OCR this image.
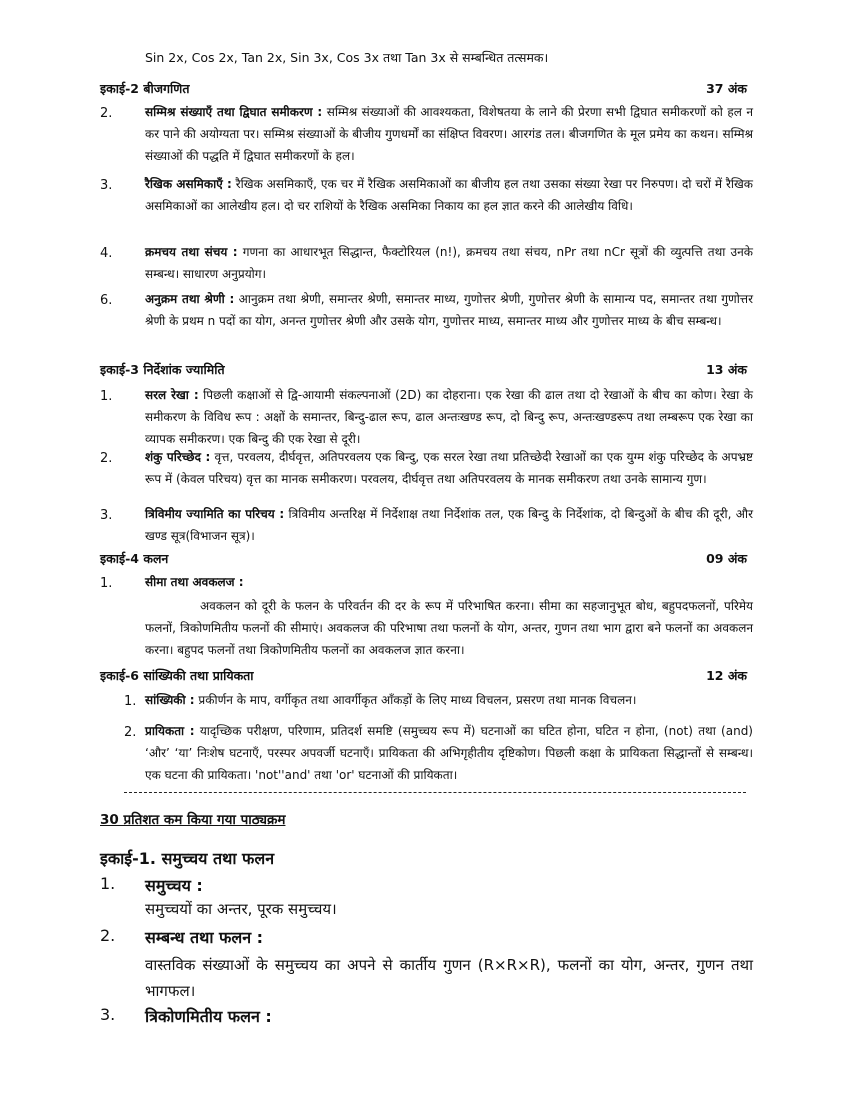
Sin 2x, Cos 2x, Tan 2x, Sin 3x, Cos 3x तथा Tan 3x से सम्बन्धित तत्समक।
इकाई-2 बीजगणित	37 अंक
2.	सम्मिश्र संख्याएँ तथा द्विघात समीकरण : सम्मिश्र संख्याओं की आवश्यकता, विशेषतया के लाने की प्रेरणा सभी द्विघात समीकरणों को हल न कर पाने की अयोग्यता पर। सम्मिश्र संख्याओं के बीजीय गुणधर्मों का संक्षिप्त विवरण। आरगंड तल। बीजगणित के मूल प्रमेय का कथन। सम्मिश्र संख्याओं की पद्धति में द्विघात समीकरणों के हल।
3.	रैखिक असमिकाएँ : रैखिक असमिकाएँ, एक चर में रैखिक असमिकाओं का बीजीय हल तथा उसका संख्या रेखा पर निरुपण। दो चरों में रैखिक असमिकाओं का आलेखीय हल। दो चर राशियों के रैखिक असमिका निकाय का हल ज्ञात करने की आलेखीय विधि।
4.	क्रमचय तथा संचय : गणना का आधारभूत सिद्धान्त, फैक्टोरियल (n!), क्रमचय तथा संचय, nPr तथा nCr सूत्रों की व्युत्पत्ति तथा उनके सम्बन्ध। साधारण अनुप्रयोग।
6.	अनुक्रम तथा श्रेणी : आनुक्रम तथा श्रेणी, समान्तर श्रेणी, समान्तर माध्य, गुणोत्तर श्रेणी, गुणोत्तर श्रेणी के सामान्य पद, समान्तर तथा गुणोत्तर श्रेणी के प्रथम n पदों का योग, अनन्त गुणोत्तर श्रेणी और उसके योग, गुणोत्तर माध्य, समान्तर माध्य और गुणोत्तर माध्य के बीच सम्बन्ध।
इकाई-3 निर्देशांक ज्यामिति	13 अंक
1.	सरल रेखा : पिछली कक्षाओं से द्वि-आयामी संकल्पनाओं (2D) का दोहराना। एक रेखा की ढाल तथा दो रेखाओं के बीच का कोण। रेखा के समीकरण के विविध रूप : अक्षों के समान्तर, बिन्दु-ढाल रूप, ढाल अन्तःखण्ड रूप, दो बिन्दु रूप, अन्तःखण्डरूप तथा लम्बरूप एक रेखा का व्यापक समीकरण। एक बिन्दु की एक रेखा से दूरी।
2.	शंकु परिच्छेद : वृत्त, परवलय, दीर्घवृत्त, अतिपरवलय एक बिन्दु, एक सरल रेखा तथा प्रतिच्छेदी रेखाओं का एक युग्म शंकु परिच्छेद के अपभ्रष्ट रूप में (केवल परिचय) वृत्त का मानक समीकरण। परवलय, दीर्घवृत्त तथा अतिपरवलय के मानक समीकरण तथा उनके सामान्य गुण।
3.	त्रिविमीय ज्यामिति का परिचय : त्रिविमीय अन्तरिक्ष में निर्देशाक्ष तथा निर्देशांक तल, एक बिन्दु के निर्देशांक, दो बिन्दुओं के बीच की दूरी, और खण्ड सूत्र(विभाजन सूत्र)।
इकाई-4 कलन	09 अंक
1.	सीमा तथा अवकलज :
अवकलन को दूरी के फलन के परिवर्तन की दर के रूप में परिभाषित करना। सीमा का सहजानुभूत बोध, बहुपदफलनों, परिमेय फलनों, त्रिकोणमितीय फलनों की सीमाएं। अवकलज की परिभाषा तथा फलनों के योग, अन्तर, गुणन तथा भाग द्वारा बने फलनों का अवकलन करना। बहुपद फलनों तथा त्रिकोणमितीय फलनों का अवकलज ज्ञात करना।
इकाई-6 सांख्यिकी तथा प्रायिकता	12 अंक
1. सांख्यिकी : प्रकीर्णन के माप, वर्गीकृत तथा आवर्गीकृत आँकड़ों के लिए माध्य विचलन, प्रसरण तथा मानक विचलन।
2. प्रायिकता : यादृच्छिक परीक्षण, परिणाम, प्रतिदर्श समष्टि (समुच्चय रूप में) घटनाओं का घटित होना, घटित न होना, (not) तथा (and) ‘और’ ‘या’ निःशेष घटनाएँ, परस्पर अपवर्जी घटनाएँ। प्रायिकता की अभिगृहीतीय दृष्टिकोण। पिछली कक्षा के प्रायिकता सिद्धान्तों से सम्बन्ध। एक घटना की प्रायिकता। 'not''and' तथा 'or' घटनाओं की प्रायिकता।
30 प्रतिशत कम किया गया पाठ्यक्रम
इकाई-1. समुच्चय तथा फलन
1. समुच्चय :
समुच्चयों का अन्तर, पूरक समुच्चय।
2. सम्बन्ध तथा फलन :
वास्तविक संख्याओं के समुच्चय का अपने से कार्तीय गुणन (R×R×R), फलनों का योग, अन्तर, गुणन तथा भागफल।
3. त्रिकोणमितीय फलन :
